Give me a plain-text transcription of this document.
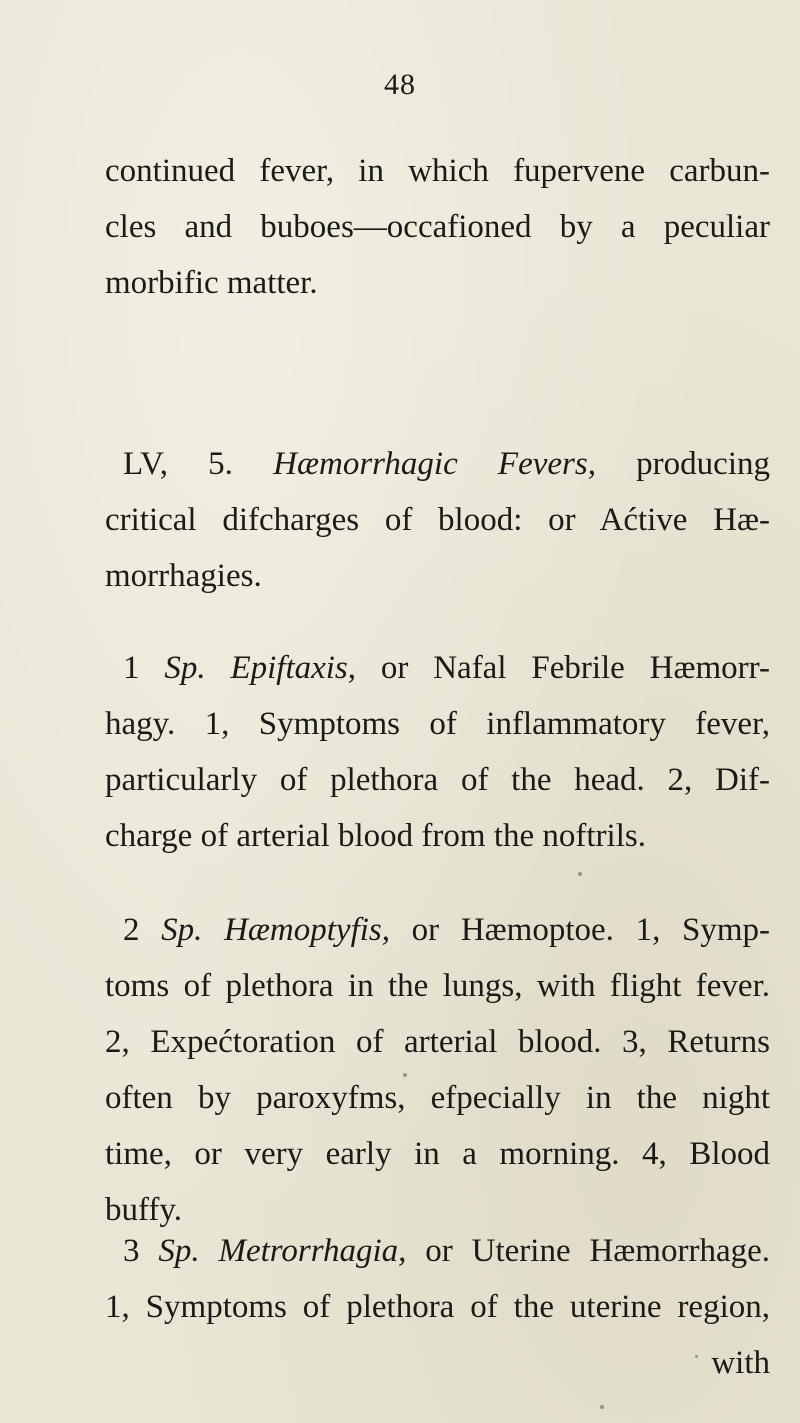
48
continued fever, in which fupervene carbun-
cles and buboes—occafioned by a peculiar
morbific matter.
LV, 5. Hæmorrhagic Fevers, producing
critical difcharges of blood: or Aćtive Hæ-
morrhagies.
1 Sp. Epiftaxis, or Nafal Febrile Hæmorr-
hagy. 1, Symptoms of inflammatory fever,
particularly of plethora of the head. 2, Dif-
charge of arterial blood from the noftrils.
2 Sp. Hæmoptyfis, or Hæmoptoe. 1, Symp-
toms of plethora in the lungs, with flight fever.
2, Expećtoration of arterial blood. 3, Returns
often by paroxyfms, efpecially in the night
time, or very early in a morning. 4, Blood
buffy.
3 Sp. Metrorrhagia, or Uterine Hæmorrhage.
1, Symptoms of plethora of the uterine region,
with
